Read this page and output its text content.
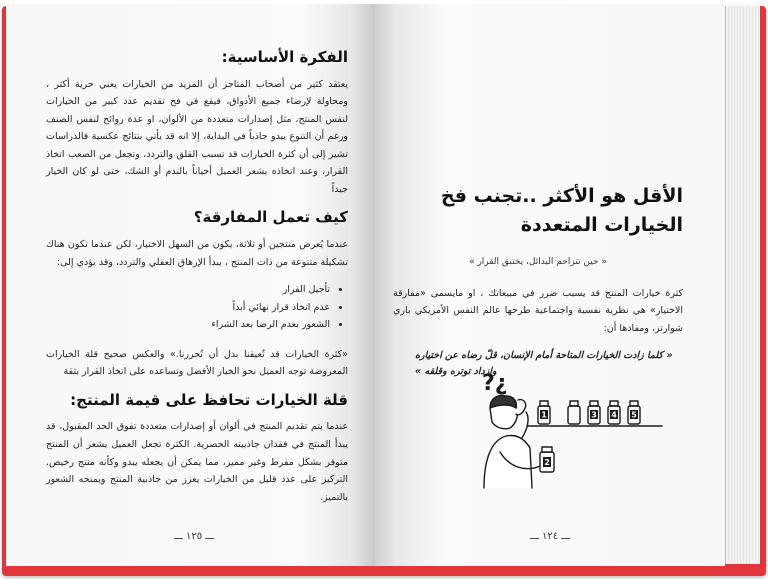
الفكرة الأساسية:

يعتقد كثير من أصحاب المتاجر أن المزيد من الخيارات يعني حرية أكثر ، ومحاولة لإرضاء جميع الأذواق، فيقع في فخ تقديم عدد كبير من الخيارات لنفس المنتج، مثل إصدارات متعددة من الألوان، او عدة روائح لنفس الصنف ورغم أن التنوع يبدو جاذباً في البداية، إلا انه قد يأتي بنتائج عكسية فالدراسات تشير إلى أن كثرة الخيارات قد تسبب القلق والتردد، وتجعل من الصعب اتخاذ القرار، وعند اتخاذه يشعر العميل أحياناً بالندم أو الشك، حتى لو كان الخيار جيداً

كيف تعمل المفارقة؟

عندما يُعرض منتجين أو ثلاثة، يكون من السهل الاختيار، لكن عندما تكون هناك تشكيلة متنوعة من ذات المنتج ، يبدأ الإرهاق العقلي والتردد، وقد يؤدي إلى:

• تأجيل القرار
• عدم اتخاذ قرار نهائي أبداً
• الشعور بعدم الرضا بعد الشراء

«كثرة الخيارات قد تُعيقنا بدل أن تُحررنا.» والعكس صحيح قلة الخيارات المعروضة توجه العميل نحو الخيار الأفضل وتساعده على اتخاذ القرار بثقة

قلة الخيارات تحافظ على قيمة المنتج:

عندما يتم تقديم المنتج في ألوان أو إصدارات متعددة تفوق الحد المقبول، قد يبدأ المنتج في فقدان جاذبيته الحصرية. الكثرة تجعل العميل يشعر أن المنتج متوفر بشكل مفرط وغير مميز، مما يمكن أن يجعله يبدو وكأنه منتج رخيص. التركيز على عدد قليل من الخيارات يعزز من جاذبية المنتج ويمنحه الشعور بالتميز.

ـــ ١٢٥ ـــ
الأقل هو الأكثر ..تجنب فخ
الخيارات المتعددة
« حين تتزاحم البدائل، يختنق القرار »

كثرة خيارات المنتج قد يسبب ضرر في مبيعاتك ، او مايسمى «مفارقة الاختيار» هي نظرية نفسية واجتماعية طرحها عالم النفس الأمريكي باري شوارتز، ومفادها أن:

« كلما زادت الخيارات المتاحة أمام الإنسان، قلّ رضاه عن اختياره وازداد توتره وقلقه »
ـــ ١٢٤ ـــ
1	3 4 5
2
?¿
